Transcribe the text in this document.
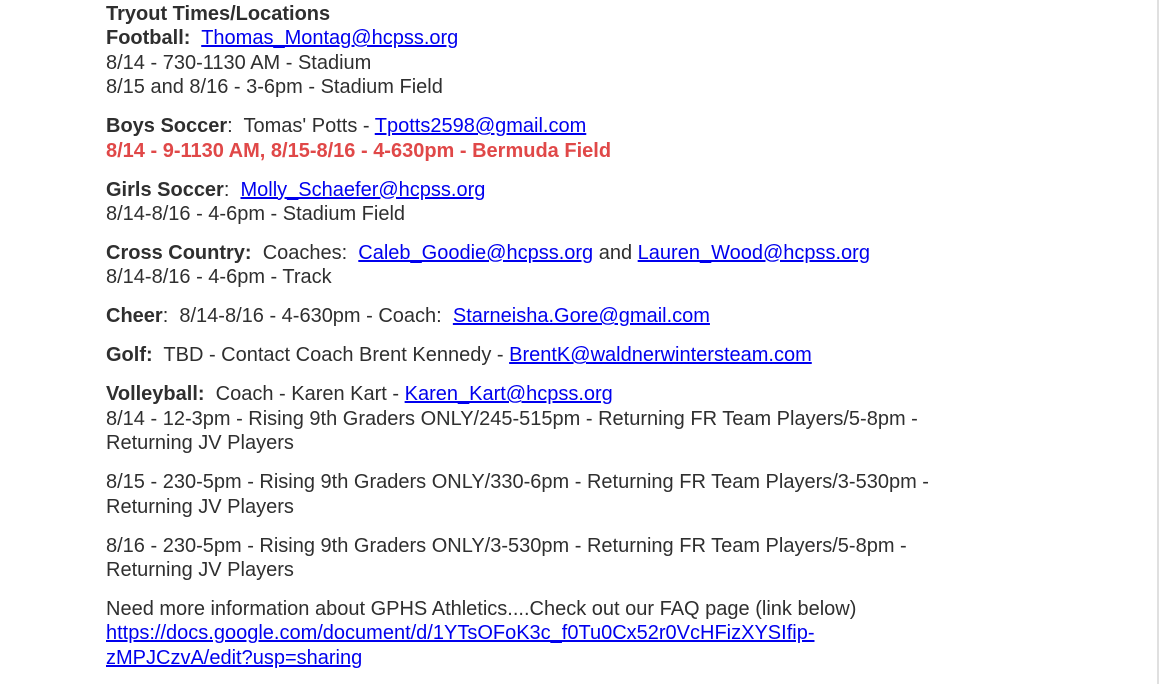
Tryout Times/Locations
Football: Thomas_Montag@hcpss.org
8/14 - 730-1130 AM - Stadium
8/15 and 8/16 - 3-6pm - Stadium Field
Boys Soccer:  Tomas' Potts - Tpotts2598@gmail.com
8/14 - 9-1130 AM, 8/15-8/16 - 4-630pm - Bermuda Field
Girls Soccer:  Molly_Schaefer@hcpss.org
8/14-8/16 - 4-6pm - Stadium Field
Cross Country:  Coaches:  Caleb_Goodie@hcpss.org and Lauren_Wood@hcpss.org
8/14-8/16 - 4-6pm - Track
Cheer:  8/14-8/16 - 4-630pm - Coach:  Starneisha.Gore@gmail.com
Golf:  TBD - Contact Coach Brent Kennedy - BrentK@waldnerwintersteam.com
Volleyball:  Coach - Karen Kart - Karen_Kart@hcpss.org
8/14 - 12-3pm - Rising 9th Graders ONLY/245-515pm - Returning FR Team Players/5-8pm -
Returning JV Players
8/15 - 230-5pm - Rising 9th Graders ONLY/330-6pm - Returning FR Team Players/3-530pm -
Returning JV Players
8/16 - 230-5pm - Rising 9th Graders ONLY/3-530pm - Returning FR Team Players/5-8pm -
Returning JV Players
Need more information about GPHS Athletics....Check out our FAQ page (link below)
https://docs.google.com/document/d/1YTsOFoK3c_f0Tu0Cx52r0VcHFizXYSIfip-
zMPJCzvA/edit?usp=sharing
